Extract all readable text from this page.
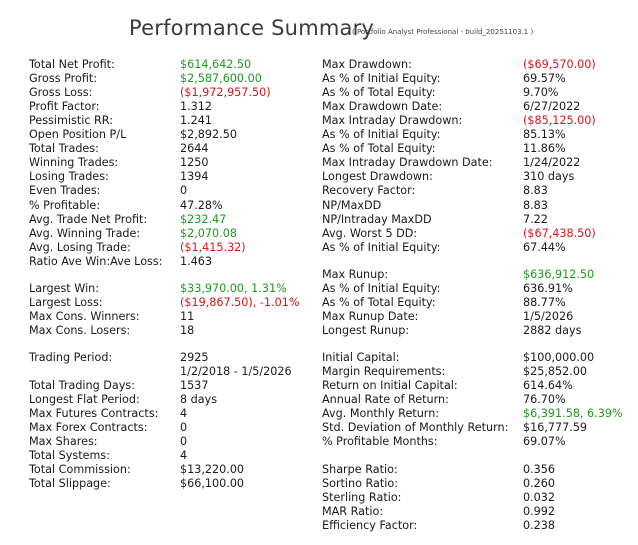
Performance Summary
( Portfolio Analyst Professional - build_20251103.1 )
Total Net Profit:	$614,642.50
Gross Profit:	$2,587,600.00
Gross Loss:	($1,972,957.50)
Profit Factor:	1.312
Pessimistic RR:	1.241
Open Position P/L	$2,892.50
Total Trades:	2644
Winning Trades:	1250
Losing Trades:	1394
Even Trades:	0
% Profitable:	47.28%
Avg. Trade Net Profit:	$232.47
Avg. Winning Trade:	$2,070.08
Avg. Losing Trade:	($1,415.32)
Ratio Ave Win:Ave Loss: 1.463
Largest Win:	$33,970.00, 1.31%
Largest Loss:	($19,867.50), -1.01%
Max Cons. Winners:	11
Max Cons. Losers:	18
Trading Period:	2925
1/2/2018 - 1/5/2026
Total Trading Days:	1537
Longest Flat Period:	8 days
Max Futures Contracts: 4
Max Forex Contracts:	0
Max Shares:	0
Total Systems:	4
Total Commission:	$13,220.00
Total Slippage:	$66,100.00
Max Drawdown:	($69,570.00)
As % of Initial Equity:	69.57%
As % of Total Equity:	9.70%
Max Drawdown Date:	6/27/2022
Max Intraday Drawdown:	($85,125.00)
As % of Initial Equity:	85.13%
As % of Total Equity:	11.86%
Max Intraday Drawdown Date:	1/24/2022
Longest Drawdown:	310 days
Recovery Factor:	8.83
NP/MaxDD	8.83
NP/Intraday MaxDD	7.22
Avg. Worst 5 DD:	($67,438.50)
As % of Initial Equity:	67.44%
Max Runup:	$636,912.50
As % of Initial Equity:	636.91%
As % of Total Equity:	88.77%
Max Runup Date:	1/5/2026
Longest Runup:	2882 days
Initial Capital:	$100,000.00
Margin Requirements:	$25,852.00
Return on Initial Capital:	614.64%
Annual Rate of Return:	76.70%
Avg. Monthly Return:	$6,391.58, 6.39%
Std. Deviation of Monthly Return: $16,777.59
% Profitable Months:	69.07%
Sharpe Ratio:	0.356
Sortino Ratio:	0.260
Sterling Ratio:	0.032
MAR Ratio:	0.992
Efficiency Factor:	0.238
